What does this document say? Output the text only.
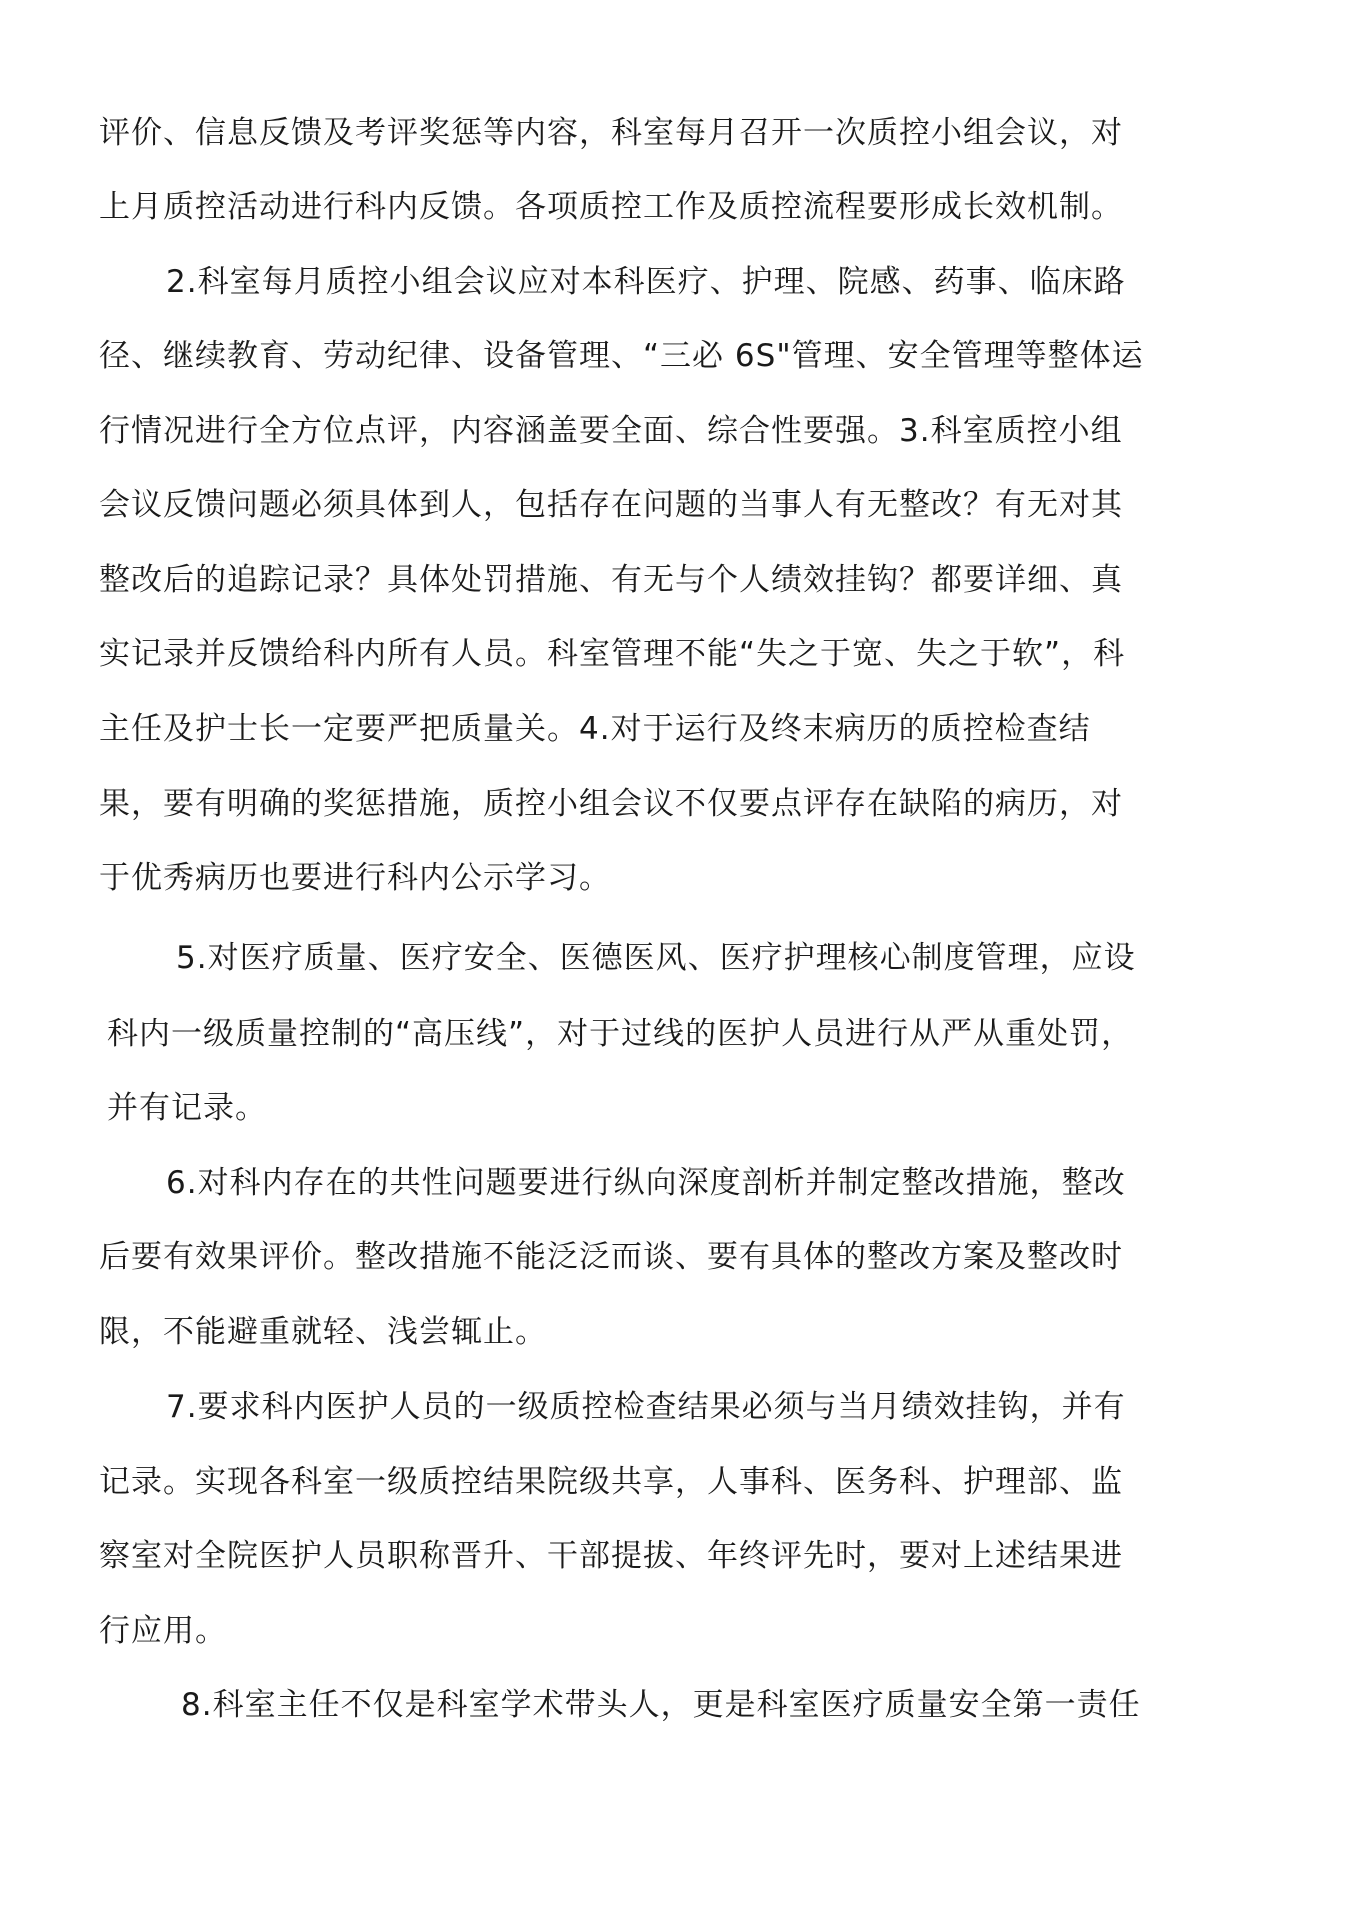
评价、信息反馈及考评奖惩等内容，科室每月召开一次质控小组会议，对
上月质控活动进行科内反馈。各项质控工作及质控流程要形成长效机制。
2.科室每月质控小组会议应对本科医疗、护理、院感、药事、临床路
径、继续教育、劳动纪律、设备管理、“三必 6S"管理、安全管理等整体运
行情况进行全方位点评，内容涵盖要全面、综合性要强。3.科室质控小组
会议反馈问题必须具体到人，包括存在问题的当事人有无整改？有无对其
整改后的追踪记录？具体处罚措施、有无与个人绩效挂钩？都要详细、真
实记录并反馈给科内所有人员。科室管理不能“失之于宽、失之于软”，科
主任及护士长一定要严把质量关。4.对于运行及终末病历的质控检查结
果，要有明确的奖惩措施，质控小组会议不仅要点评存在缺陷的病历，对
于优秀病历也要进行科内公示学习。
5.对医疗质量、医疗安全、医德医风、医疗护理核心制度管理，应设
科内一级质量控制的“高压线”，对于过线的医护人员进行从严从重处罚，
并有记录。
6.对科内存在的共性问题要进行纵向深度剖析并制定整改措施，整改
后要有效果评价。整改措施不能泛泛而谈、要有具体的整改方案及整改时
限，不能避重就轻、浅尝辄止。
7.要求科内医护人员的一级质控检查结果必须与当月绩效挂钩，并有
记录。实现各科室一级质控结果院级共享，人事科、医务科、护理部、监
察室对全院医护人员职称晋升、干部提拔、年终评先时，要对上述结果进
行应用。
8.科室主任不仅是科室学术带头人，更是科室医疗质量安全第一责任
